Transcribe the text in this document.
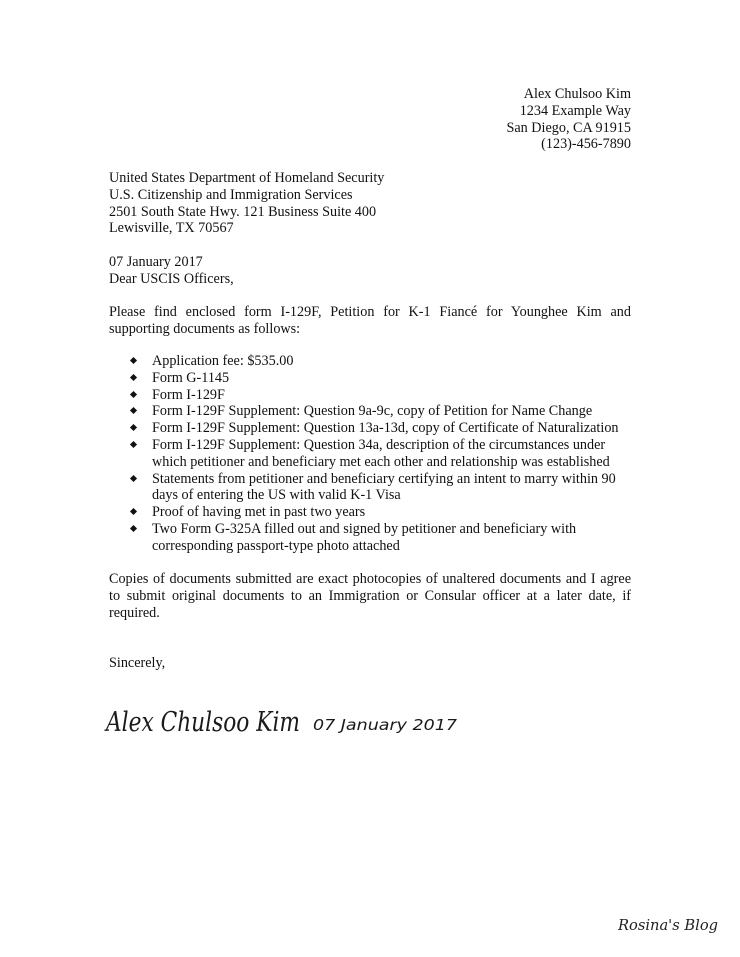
Alex Chulsoo Kim
1234 Example Way
San Diego, CA 91915
(123)-456-7890
United States Department of Homeland Security
U.S. Citizenship and Immigration Services
2501 South State Hwy. 121 Business Suite 400
Lewisville, TX 70567
07 January 2017
Dear USCIS Officers,
Please find enclosed form I-129F, Petition for K-1 Fiancé for Younghee Kim and supporting documents as follows:
Application fee: $535.00
Form G-1145
Form I-129F
Form I-129F Supplement: Question 9a-9c, copy of Petition for Name Change
Form I-129F Supplement: Question 13a-13d, copy of Certificate of Naturalization
Form I-129F Supplement: Question 34a, description of the circumstances under which petitioner and beneficiary met each other and relationship was established
Statements from petitioner and beneficiary certifying an intent to marry within 90 days of entering the US with valid K-1 Visa
Proof of having met in past two years
Two Form G-325A filled out and signed by petitioner and beneficiary with corresponding passport-type photo attached
Copies of documents submitted are exact photocopies of unaltered documents and I agree to submit original documents to an Immigration or Consular officer at a later date, if required.
Sincerely,
Alex Chulsoo Kim 07 January 2017
Rosina's Blog
